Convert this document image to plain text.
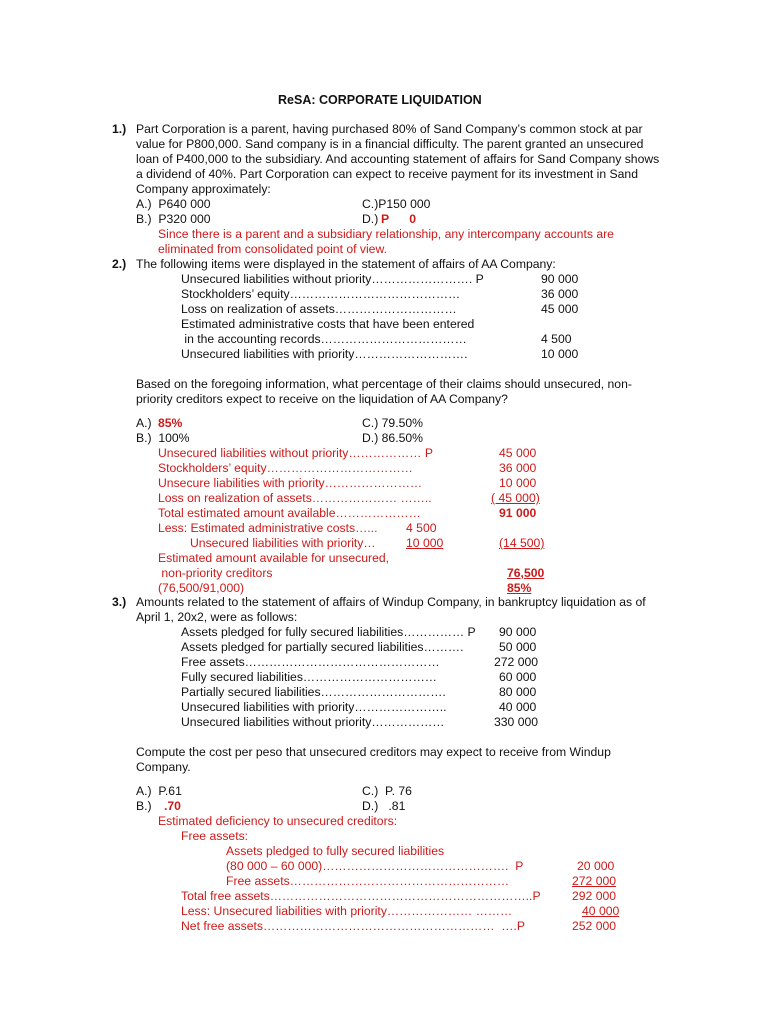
ReSA: CORPORATE LIQUIDATION
1.) Part Corporation is a parent, having purchased 80% of Sand Company’s common stock at par
value for P800,000. Sand company is in a financial difficulty. The parent granted an unsecured
loan of P400,000 to the subsidiary. And accounting statement of affairs for Sand Company shows
a dividend of 40%. Part Corporation can expect to receive payment for its investment in Sand
Company approximately:
A.)  P640 000	C.)P150 000
B.)  P320 000	D.) P      0
Since there is a parent and a subsidiary relationship, any intercompany accounts are
eliminated from consolidated point of view.
2.) The following items were displayed in the statement of affairs of AA Company:
Unsecured liabilities without priority……………………. P	90 000
Stockholders’ equity……………………………………	36 000
Loss on realization of assets…………………………	45 000
Estimated administrative costs that have been entered
in the accounting records………………………………	4 500
Unsecured liabilities with priority……………………….	10 000
Based on the foregoing information, what percentage of their claims should unsecured, non-
priority creditors expect to receive on the liquidation of AA Company?
A.) 85%	C.) 79.50%
B.)  100%	D.) 86.50%
Unsecured liabilities without priority……………… P	45 000
Stockholders’ equity………………………………	36 000
Unsecure liabilities with priority……………………	10 000
Loss on realization of assets………………… ……..	( 45 000)
Total estimated amount available…………………	91 000
Less: Estimated administrative costs…... 4 500
Unsecured liabilities with priority… 10 000	(14 500)
Estimated amount available for unsecured,
non-priority creditors	76,500
(76,500/91,000)	85%
3.) Amounts related to the statement of affairs of Windup Company, in bankruptcy liquidation as of
April 1, 20x2, were as follows:
Assets pledged for fully secured liabilities…………… P 90 000
Assets pledged for partially secured liabilities……….	50 000
Free assets…………………………………………	272 000
Fully secured liabilities……………………………	60 000
Partially secured liabilities………………………….	80 000
Unsecured liabilities with priority…………………..	40 000
Unsecured liabilities without priority………………	330 000
Compute the cost per peso that unsecured creditors may expect to receive from Windup
Company.
A.)  P.61	C.)  P. 76
B.) .70	D.)   .81
Estimated deficiency to unsecured creditors:
Free assets:
Assets pledged to fully secured liabilities
(80 000 – 60 000)……………………………………….  P	20 000
Free assets………………………………………………	272 000
Total free assets………………………………………………………..P	292 000
Less: Unsecured liabilities with priority………………… ………	40 000
Net free assets…………………………………………………  ….P	252 000
